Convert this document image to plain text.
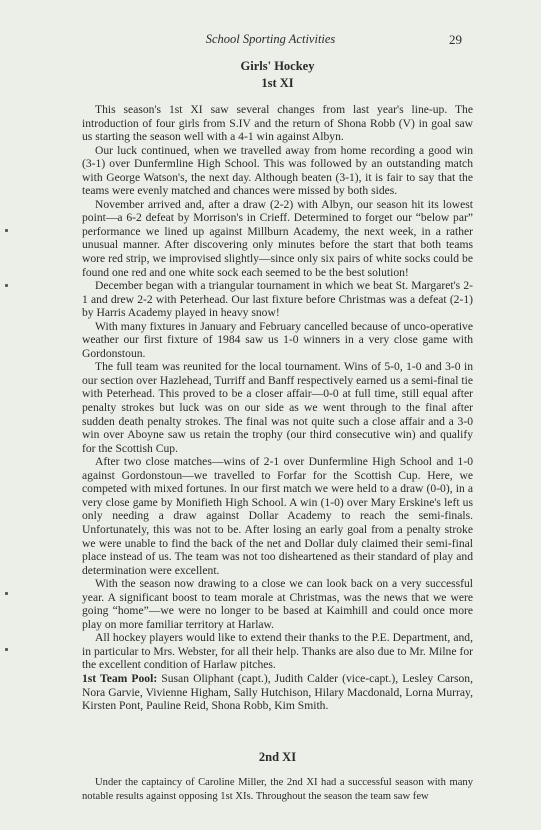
School Sporting Activities	29
Girls' Hockey
1st XI

This season's 1st XI saw several changes from last year's line-up. The introduction of four girls from S.IV and the return of Shona Robb (V) in goal saw us starting the season well with a 4-1 win against Albyn.

Our luck continued, when we travelled away from home recording a good win (3-1) over Dunfermline High School. This was followed by an outstanding match with George Watson's, the next day. Although beaten (3-1), it is fair to say that the teams were evenly matched and chances were missed by both sides.

November arrived and, after a draw (2-2) with Albyn, our season hit its lowest point—a 6-2 defeat by Morrison's in Crieff. Determined to forget our “below par” performance we lined up against Millburn Academy, the next week, in a rather unusual manner. After discovering only minutes before the start that both teams wore red strip, we improvised slightly—since only six pairs of white socks could be found one red and one white sock each seemed to be the best solution!

December began with a triangular tournament in which we beat St. Margaret's 2-1 and drew 2-2 with Peterhead. Our last fixture before Christmas was a defeat (2-1) by Harris Academy played in heavy snow!

With many fixtures in January and February cancelled because of unco-operative weather our first fixture of 1984 saw us 1-0 winners in a very close game with Gordonstoun.

The full team was reunited for the local tournament. Wins of 5-0, 1-0 and 3-0 in our section over Hazlehead, Turriff and Banff respectively earned us a semi-final tie with Peterhead. This proved to be a closer affair—0-0 at full time, still equal after penalty strokes but luck was on our side as we went through to the final after sudden death penalty strokes. The final was not quite such a close affair and a 3-0 win over Aboyne saw us retain the trophy (our third consecutive win) and qualify for the Scottish Cup.

After two close matches—wins of 2-1 over Dunfermline High School and 1-0 against Gordonstoun—we travelled to Forfar for the Scottish Cup. Here, we competed with mixed fortunes. In our first match we were held to a draw (0-0), in a very close game by Monifieth High School. A win (1-0) over Mary Erskine's left us only needing a draw against Dollar Academy to reach the semi-finals. Unfortunately, this was not to be. After losing an early goal from a penalty stroke we were unable to find the back of the net and Dollar duly claimed their semi-final place instead of us. The team was not too disheartened as their standard of play and determination were excellent.

With the season now drawing to a close we can look back on a very successful year. A significant boost to team morale at Christmas, was the news that we were going “home”—we were no longer to be based at Kaimhill and could once more play on more familiar territory at Harlaw.

All hockey players would like to extend their thanks to the P.E. Department, and, in particular to Mrs. Webster, for all their help. Thanks are also due to Mr. Milne for the excellent condition of Harlaw pitches.

1st Team Pool: Susan Oliphant (capt.), Judith Calder (vice-capt.), Lesley Carson, Nora Garvie, Vivienne Higham, Sally Hutchison, Hilary Macdonald, Lorna Murray, Kirsten Pont, Pauline Reid, Shona Robb, Kim Smith.

2nd XI

Under the captaincy of Caroline Miller, the 2nd XI had a successful season with many notable results against opposing 1st XIs. Throughout the season the team saw few
